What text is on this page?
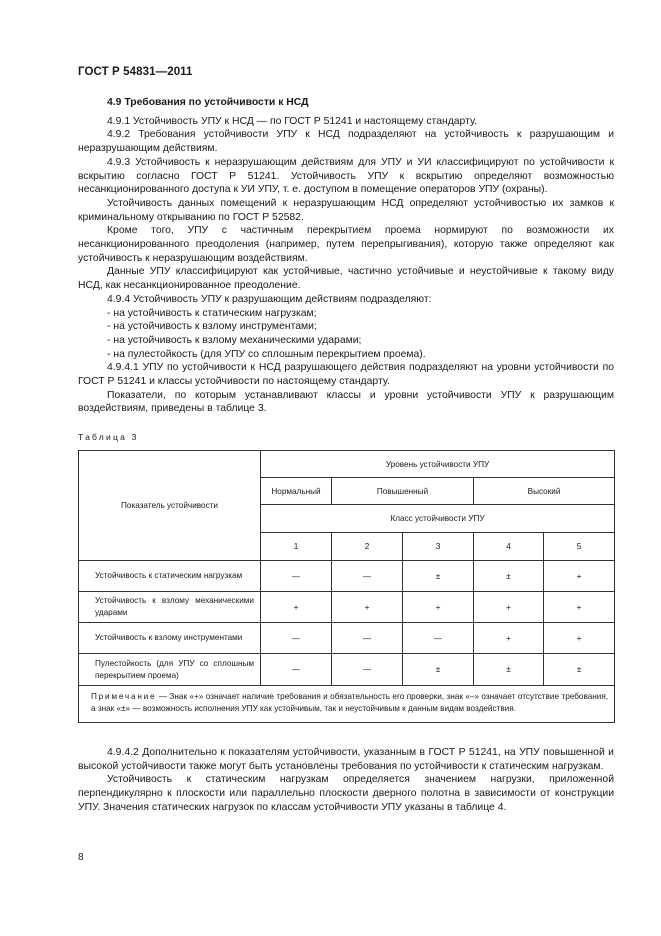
ГОСТ Р 54831—2011
4.9 Требования по устойчивости к НСД

4.9.1 Устойчивость УПУ к НСД — по ГОСТ Р 51241 и настоящему стандарту.

4.9.2 Требования устойчивости УПУ к НСД подразделяют на устойчивость к разрушающим и неразрушающим действиям.

4.9.3 Устойчивость к неразрушающим действиям для УПУ и УИ классифицируют по устойчивости к вскрытию согласно ГОСТ Р 51241. Устойчивость УПУ к вскрытию определяют возможностью несанкционированного доступа к УИ УПУ, т. е. доступом в помещение операторов УПУ (охраны).

Устойчивость данных помещений к неразрушающим НСД определяют устойчивостью их замков к криминальному открыванию по ГОСТ Р 52582.

Кроме того, УПУ с частичным перекрытием проема нормируют по возможности их несанкционированного преодоления (например, путем перепрыгивания), которую также определяют как устойчивость к неразрушающим воздействиям.

Данные УПУ классифицируют как устойчивые, частично устойчивые и неустойчивые к такому виду НСД, как несанкционированное преодоление.

4.9.4 Устойчивость УПУ к разрушающим действиям подразделяют:

- на устойчивость к статическим нагрузкам;

- на устойчивость к взлому инструментами;

- на устойчивость к взлому механическими ударами;

- на пулестойкость (для УПУ со сплошным перекрытием проема).

4.9.4.1 УПУ по устойчивости к НСД разрушающего действия подразделяют на уровни устойчивости по ГОСТ Р 51241 и классы устойчивости по настоящему стандарту.

Показатели, по которым устанавливают классы и уровни устойчивости УПУ к разрушающим воздействиям, приведены в таблице 3.

Таблица 3
Показатель устойчивости	Уровень устойчивости УПУ				
	Нормальный	Повышенный		Высокий	
	Класс устойчивости УПУ				
	1	2	3	4	5
Устойчивость к статическим нагрузкам	—	—	±	±	+
Устойчивость к взлому механическими ударами	+	+	+	+	+
Устойчивость к взлому инструментами	—	—	—	+	+
Пулестойкость (для УПУ со сплошным перекрытием проема)	—	—	±	±	±
Примечание — Знак «+» означает наличие требования и обязательность его проверки, знак «–» означает отсутствие требования, а знак «±» — возможность исполнения УПУ как устойчивым, так и неустойчивым к данным видам воздействия.					

4.9.4.2 Дополнительно к показателям устойчивости, указанным в ГОСТ Р 51241, на УПУ повышенной и высокой устойчивости также могут быть установлены требования по устойчивости к статическим нагрузкам.

Устойчивость к статическим нагрузкам определяется значением нагрузки, приложенной перпендикулярно к плоскости или параллельно плоскости дверного полотна в зависимости от конструкции УПУ. Значения статических нагрузок по классам устойчивости УПУ указаны в таблице 4.

8
